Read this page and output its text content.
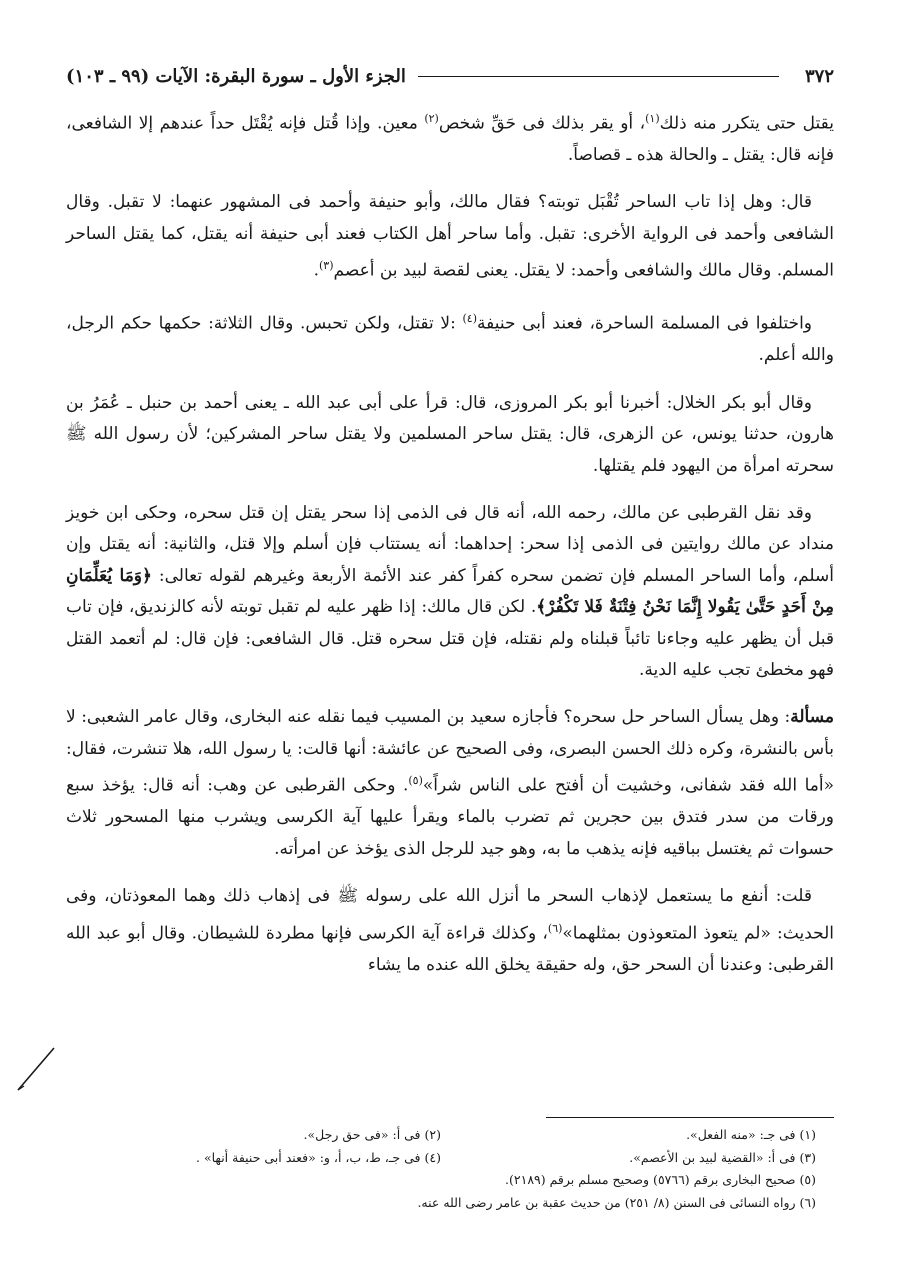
٣٧٢
الجزء الأول ـ سورة البقرة: الآيات (٩٩ ـ ١٠٣)

يقتل حتى يتكرر منه ذلك$^{(١)}$، أو يقر بذلك فى حَقِّ شخص$^{(٢)}$ معين. وإذا قُتل فإنه يُقْتَل حداً عندهم إلا الشافعى، فإنه قال: يقتل ـ والحالة هذه ـ قصاصاً.

قال: وهل إذا تاب الساحر تُقْبَل توبته؟ فقال مالك، وأبو حنيفة وأحمد فى المشهور عنهما: لا تقبل. وقال الشافعى وأحمد فى الرواية الأخرى: تقبل. وأما ساحر أهل الكتاب فعند أبى حنيفة أنه يقتل، كما يقتل الساحر المسلم. وقال مالك والشافعى وأحمد: لا يقتل. يعنى لقصة لبيد بن أعصم$^{(٣)}$.

واختلفوا فى المسلمة الساحرة، فعند أبى حنيفة$^{(٤)}$ :لا تقتل، ولكن تحبس. وقال الثلاثة: حكمها حكم الرجل، والله أعلم.

وقال أبو بكر الخلال: أخبرنا أبو بكر المروزى، قال: قرأ على أبى عبد الله ـ يعنى أحمد بن حنبل ـ عُمَرُ بن هارون، حدثنا يونس، عن الزهرى، قال: يقتل ساحر المسلمين ولا يقتل ساحر المشركين؛ لأن رسول الله ﷺ سحرته امرأة من اليهود فلم يقتلها.

وقد نقل القرطبى عن مالك، رحمه الله، أنه قال فى الذمى إذا سحر يقتل إن قتل سحره، وحكى ابن خويز منداد عن مالك روايتين فى الذمى إذا سحر: إحداهما: أنه يستتاب فإن أسلم وإلا قتل، والثانية: أنه يقتل وإن أسلم، وأما الساحر المسلم فإن تضمن سحره كفراً كفر عند الأئمة الأربعة وغيرهم لقوله تعالى: ﴿وَمَا يُعَلِّمَانِ مِنْ أَحَدٍ حَتَّىٰ يَقُولا إِنَّمَا نَحْنُ فِتْنَةٌ فَلا تَكْفُرْ﴾. لكن قال مالك: إذا ظهر عليه لم تقبل توبته لأنه كالزنديق، فإن تاب قبل أن يظهر عليه وجاءنا تائباً قبلناه ولم نقتله، فإن قتل سحره قتل. قال الشافعى: فإن قال: لم أتعمد القتل فهو مخطئ تجب عليه الدية.

مسألة: وهل يسأل الساحر حل سحره؟ فأجازه سعيد بن المسيب فيما نقله عنه البخارى، وقال عامر الشعبى: لا بأس بالنشرة، وكره ذلك الحسن البصرى، وفى الصحيح عن عائشة: أنها قالت: يا رسول الله، هلا تنشرت، فقال: «أما الله فقد شفانى، وخشيت أن أفتح على الناس شراً»$^{(٥)}$. وحكى القرطبى عن وهب: أنه قال: يؤخذ سبع ورقات من سدر فتدق بين حجرين ثم تضرب بالماء ويقرأ عليها آية الكرسى ويشرب منها المسحور ثلاث حسوات ثم يغتسل بباقيه فإنه يذهب ما به، وهو جيد للرجل الذى يؤخذ عن امرأته.

قلت: أنفع ما يستعمل لإذهاب السحر ما أنزل الله على رسوله ﷺ فى إذهاب ذلك وهما المعوذتان، وفى الحديث: «لم يتعوذ المتعوذون بمثلهما»$^{(٦)}$، وكذلك قراءة آية الكرسى فإنها مطردة للشيطان. وقال أبو عبد الله القرطبى: وعندنا أن السحر حق، وله حقيقة يخلق الله عنده ما يشاء

(١) فى جـ: «منه الفعل».
(٢) فى أ: «فى حق رجل».
(٣) فى أ: «القضية لبيد بن الأعصم».
(٤) فى جـ، ط، ب، أ، و: «فعند أبى حنيفة أنها» .
(٥) صحيح البخارى برقم (٥٧٦٦) وصحيح مسلم برقم (٢١٨٩).
(٦) رواه النسائى فى السنن (٨/ ٢٥١) من حديث عقبة بن عامر رضى الله عنه.
